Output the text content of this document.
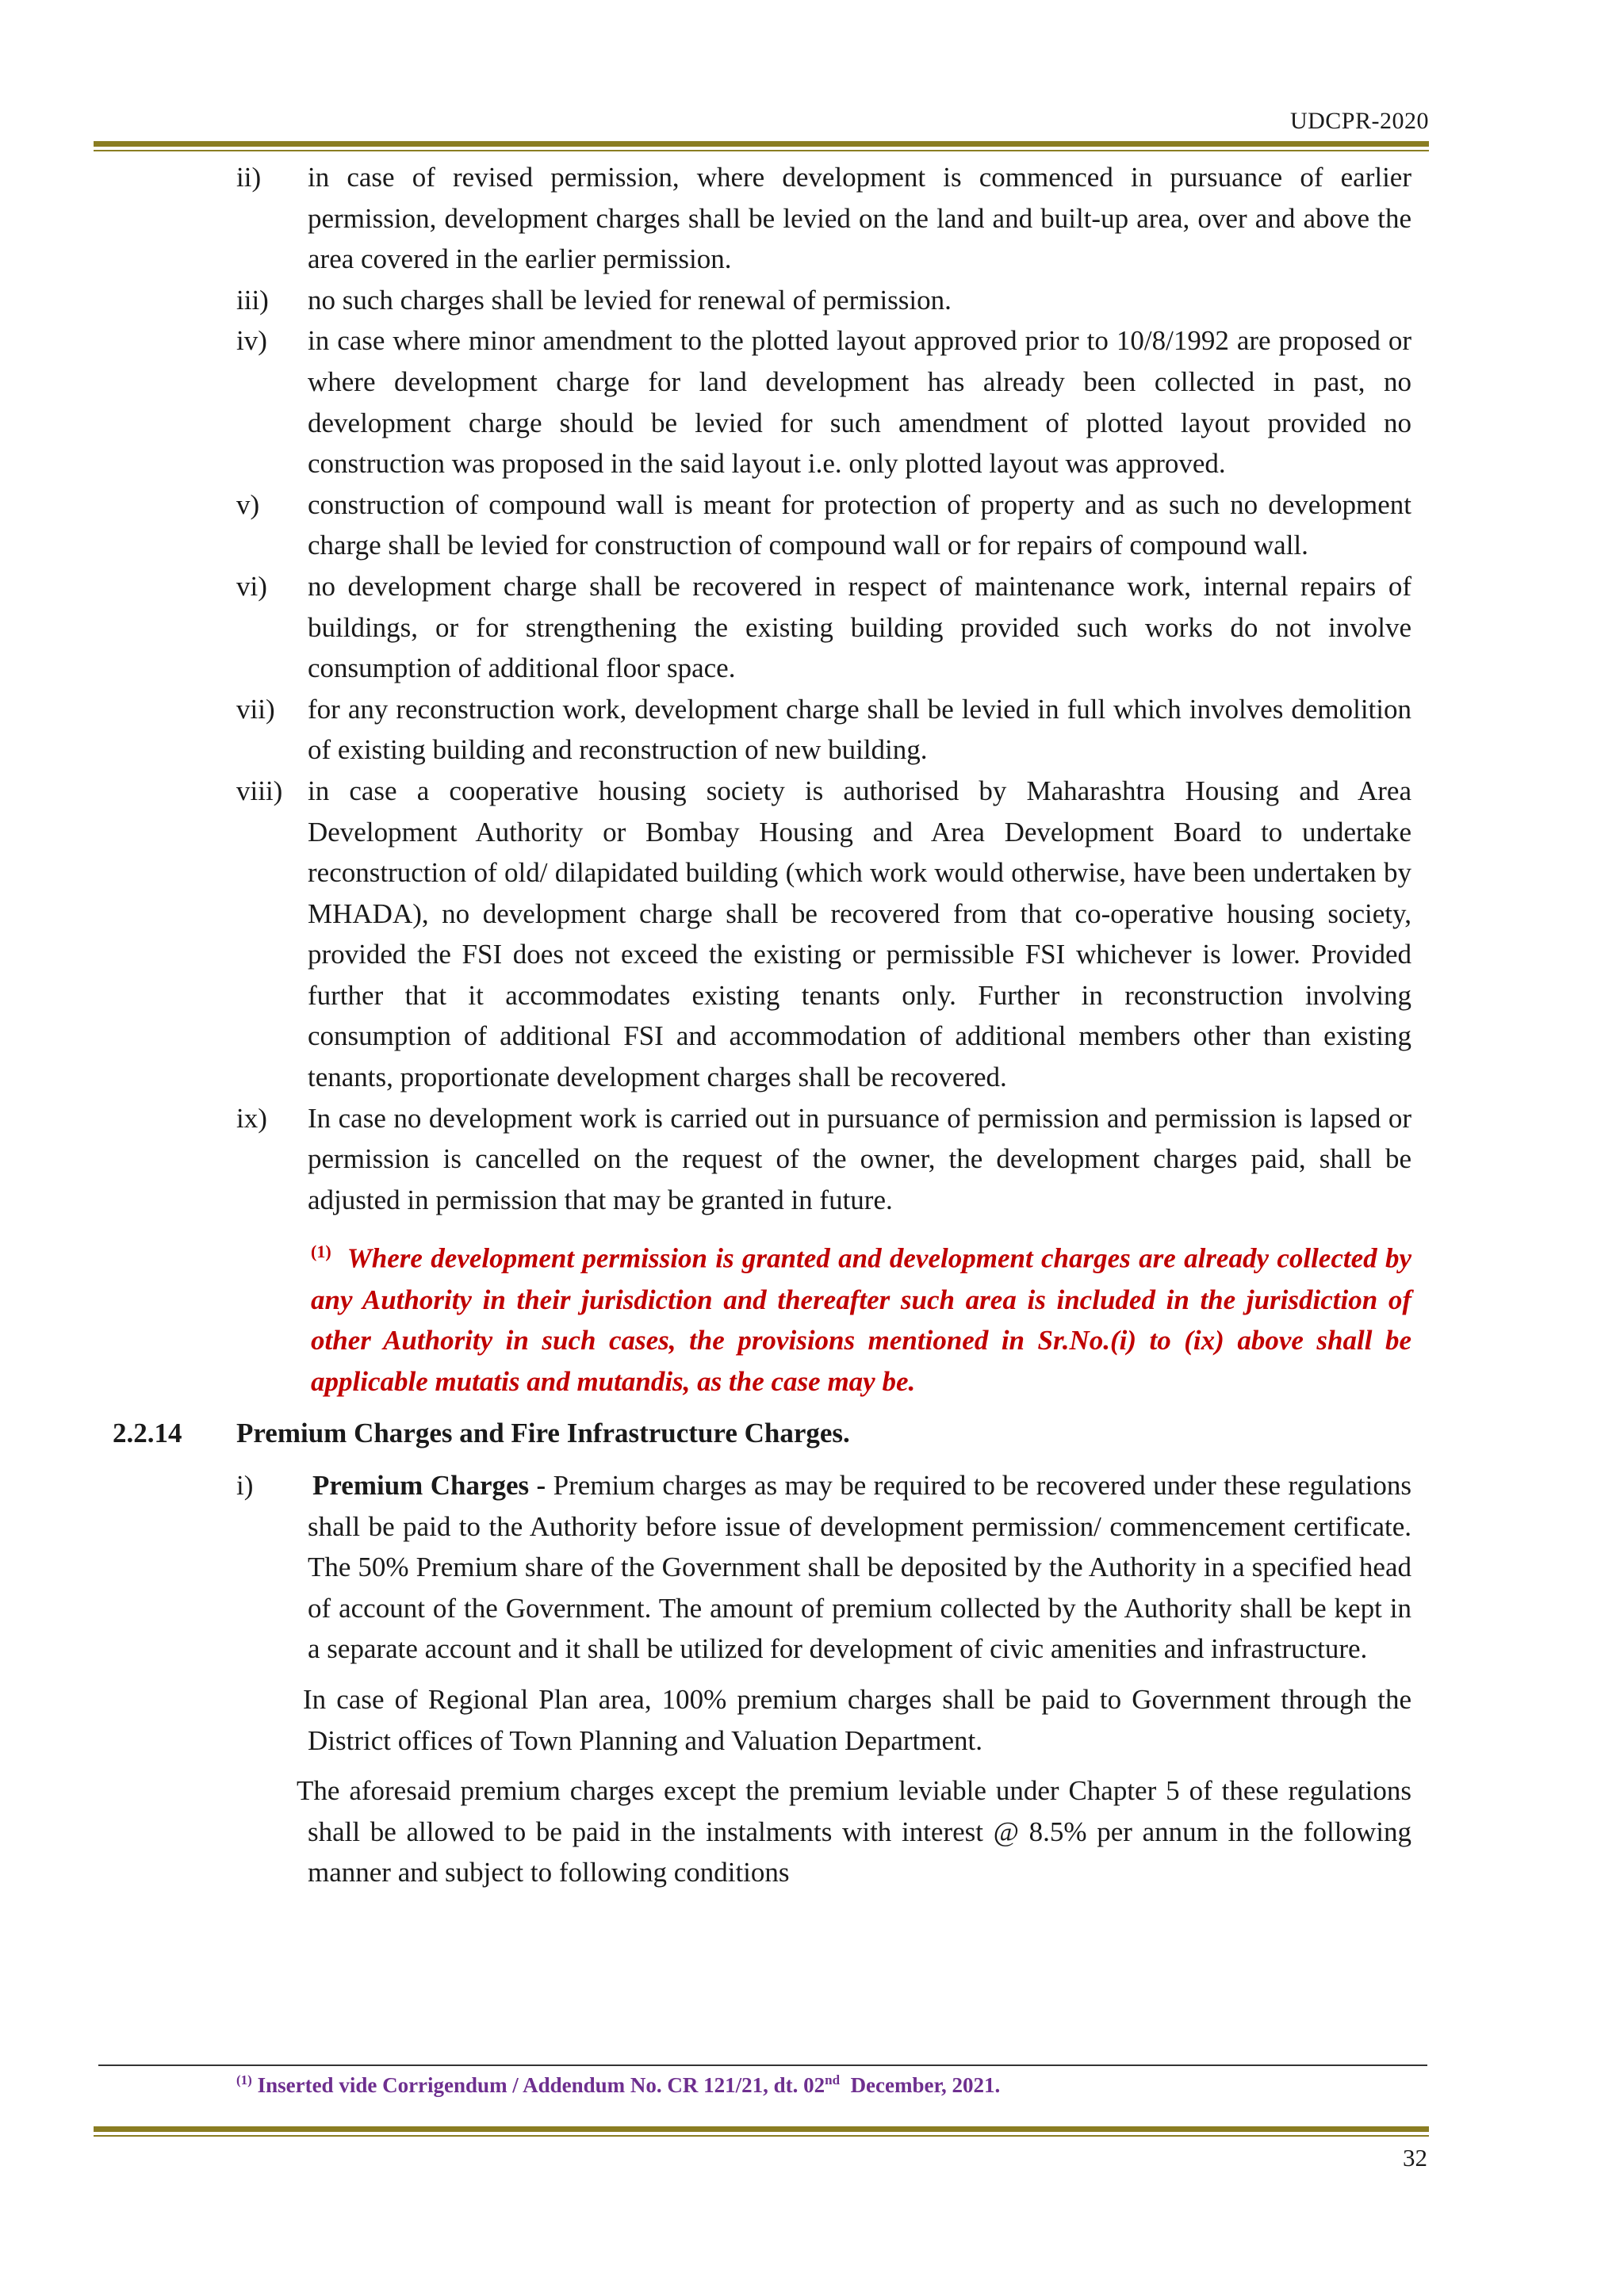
UDCPR-2020
ii) in case of revised permission, where development is commenced in pursuance of earlier permission, development charges shall be levied on the land and built-up area, over and above the area covered in the earlier permission.
iii) no such charges shall be levied for renewal of permission.
iv) in case where minor amendment to the plotted layout approved prior to 10/8/1992 are proposed or where development charge for land development has already been collected in past, no development charge should be levied for such amendment of plotted layout provided no construction was proposed in the said layout i.e. only plotted layout was approved.
v) construction of compound wall is meant for protection of property and as such no development charge shall be levied for construction of compound wall or for repairs of compound wall.
vi) no development charge shall be recovered in respect of maintenance work, internal repairs of buildings, or for strengthening the existing building provided such works do not involve consumption of additional floor space.
vii) for any reconstruction work, development charge shall be levied in full which involves demolition of existing building and reconstruction of new building.
viii) in case a cooperative housing society is authorised by Maharashtra Housing and Area Development Authority or Bombay Housing and Area Development Board to undertake reconstruction of old/ dilapidated building (which work would otherwise, have been undertaken by MHADA), no development charge shall be recovered from that co-operative housing society, provided the FSI does not exceed the existing or permissible FSI whichever is lower. Provided further that it accommodates existing tenants only. Further in reconstruction involving consumption of additional FSI and accommodation of additional members other than existing tenants, proportionate development charges shall be recovered.
ix) In case no development work is carried out in pursuance of permission and permission is lapsed or permission is cancelled on the request of the owner, the development charges paid, shall be adjusted in permission that may be granted in future.
$^{(1)}$ Where development permission is granted and development charges are already collected by any Authority in their jurisdiction and thereafter such area is included in the jurisdiction of other Authority in such cases, the provisions mentioned in Sr.No.(i) to (ix) above shall be applicable mutatis and mutandis, as the case may be.
2.2.14	Premium Charges and Fire Infrastructure Charges.
i) Premium Charges - Premium charges as may be required to be recovered under these regulations shall be paid to the Authority before issue of development permission/ commencement certificate. The 50% Premium share of the Government shall be deposited by the Authority in a specified head of account of the Government. The amount of premium collected by the Authority shall be kept in a separate account and it shall be utilized for development of civic amenities and infrastructure.
In case of Regional Plan area, 100% premium charges shall be paid to Government through the District offices of Town Planning and Valuation Department.
The aforesaid premium charges except the premium leviable under Chapter 5 of these regulations shall be allowed to be paid in the instalments with interest @ 8.5% per annum in the following manner and subject to following conditions
$^{(1)}$ Inserted vide Corrigendum / Addendum No. CR 121/21, dt. 02nd  December, 2021.
32
